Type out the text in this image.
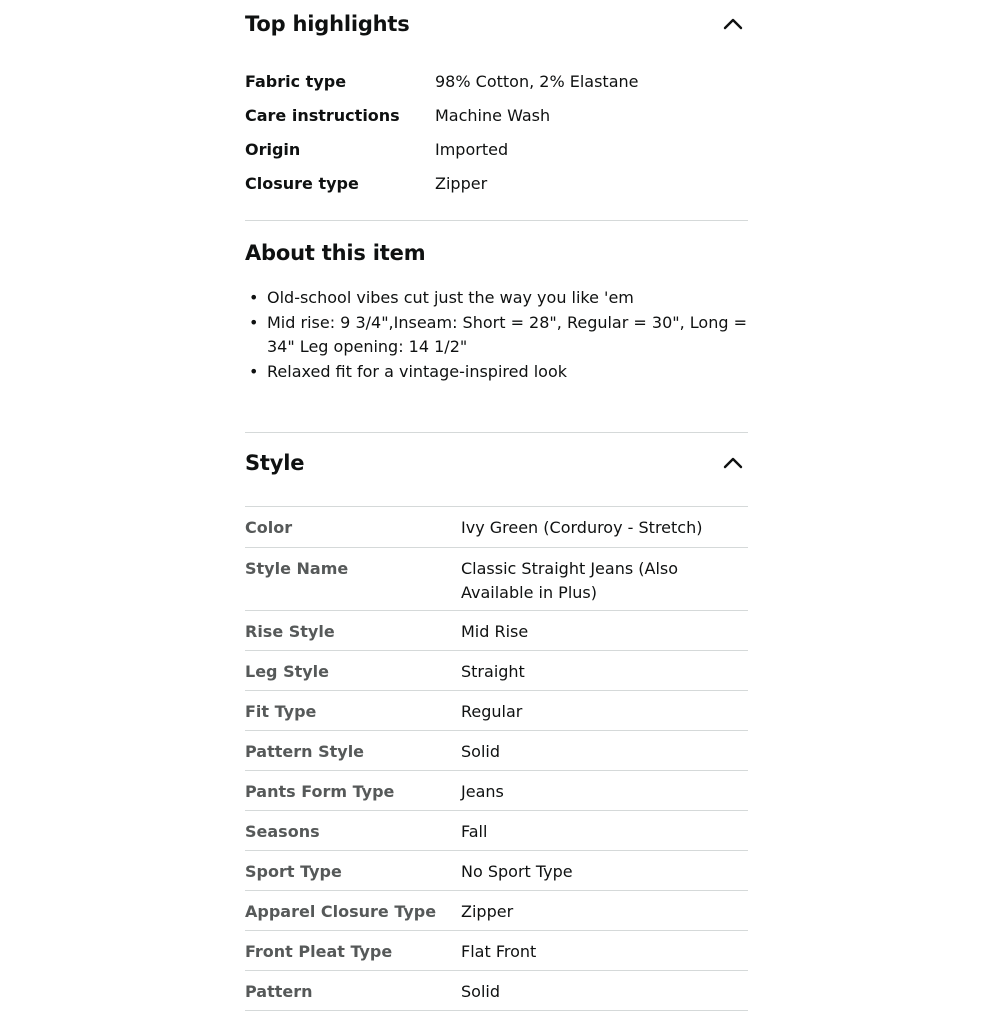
Top highlights
Fabric type	98% Cotton, 2% Elastane
Care instructions	Machine Wash
Origin	Imported
Closure type	Zipper
About this item
• Old-school vibes cut just the way you like 'em
• Mid rise: 9 3/4",Inseam: Short = 28", Regular = 30", Long = 34" Leg opening: 14 1/2"
• Relaxed fit for a vintage-inspired look
Style
Color	Ivy Green (Corduroy - Stretch)
Style Name	Classic Straight Jeans (Also Available in Plus)
Rise Style	Mid Rise
Leg Style	Straight
Fit Type	Regular
Pattern Style	Solid
Pants Form Type	Jeans
Seasons	Fall
Sport Type	No Sport Type
Apparel Closure Type	Zipper
Front Pleat Type	Flat Front
Pattern	Solid
